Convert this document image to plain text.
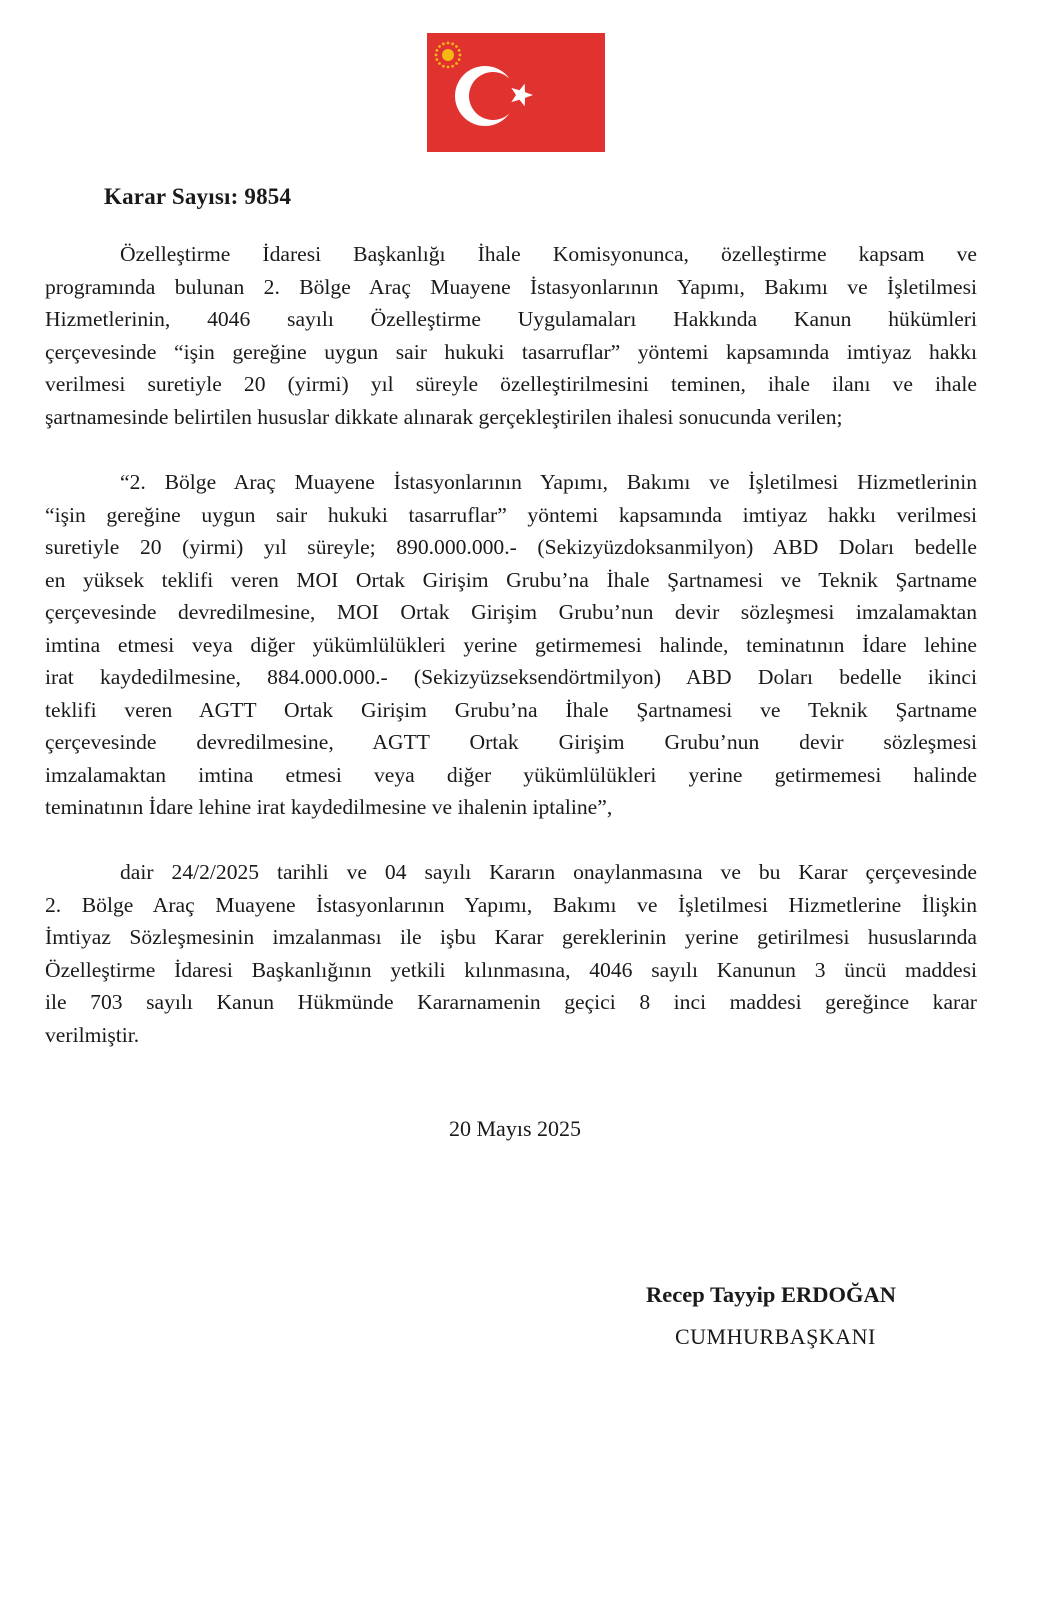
Karar Sayısı: 9854
Özelleştirme İdaresi Başkanlığı İhale Komisyonunca, özelleştirme kapsam ve
programında bulunan 2. Bölge Araç Muayene İstasyonlarının Yapımı, Bakımı ve İşletilmesi
Hizmetlerinin, 4046 sayılı Özelleştirme Uygulamaları Hakkında Kanun hükümleri
çerçevesinde “işin gereğine uygun sair hukuki tasarruflar” yöntemi kapsamında imtiyaz hakkı
verilmesi suretiyle 20 (yirmi) yıl süreyle özelleştirilmesini teminen, ihale ilanı ve ihale
şartnamesinde belirtilen hususlar dikkate alınarak gerçekleştirilen ihalesi sonucunda verilen;
“2. Bölge Araç Muayene İstasyonlarının Yapımı, Bakımı ve İşletilmesi Hizmetlerinin
“işin gereğine uygun sair hukuki tasarruflar” yöntemi kapsamında imtiyaz hakkı verilmesi
suretiyle 20 (yirmi) yıl süreyle; 890.000.000.- (Sekizyüzdoksanmilyon) ABD Doları bedelle
en yüksek teklifi veren MOI Ortak Girişim Grubu’na İhale Şartnamesi ve Teknik Şartname
çerçevesinde devredilmesine, MOI Ortak Girişim Grubu’nun devir sözleşmesi imzalamaktan
imtina etmesi veya diğer yükümlülükleri yerine getirmemesi halinde, teminatının İdare lehine
irat kaydedilmesine, 884.000.000.- (Sekizyüzseksendörtmilyon) ABD Doları bedelle ikinci
teklifi veren AGTT Ortak Girişim Grubu’na İhale Şartnamesi ve Teknik Şartname
çerçevesinde devredilmesine, AGTT Ortak Girişim Grubu’nun devir sözleşmesi
imzalamaktan imtina etmesi veya diğer yükümlülükleri yerine getirmemesi halinde
teminatının İdare lehine irat kaydedilmesine ve ihalenin iptaline”,
dair 24/2/2025 tarihli ve 04 sayılı Kararın onaylanmasına ve bu Karar çerçevesinde
2. Bölge Araç Muayene İstasyonlarının Yapımı, Bakımı ve İşletilmesi Hizmetlerine İlişkin
İmtiyaz Sözleşmesinin imzalanması ile işbu Karar gereklerinin yerine getirilmesi hususlarında
Özelleştirme İdaresi Başkanlığının yetkili kılınmasına, 4046 sayılı Kanunun 3 üncü maddesi
ile 703 sayılı Kanun Hükmünde Kararnamenin geçici 8 inci maddesi gereğince karar
verilmiştir.
20 Mayıs 2025
Recep Tayyip ERDOĞAN
CUMHURBAŞKANI
